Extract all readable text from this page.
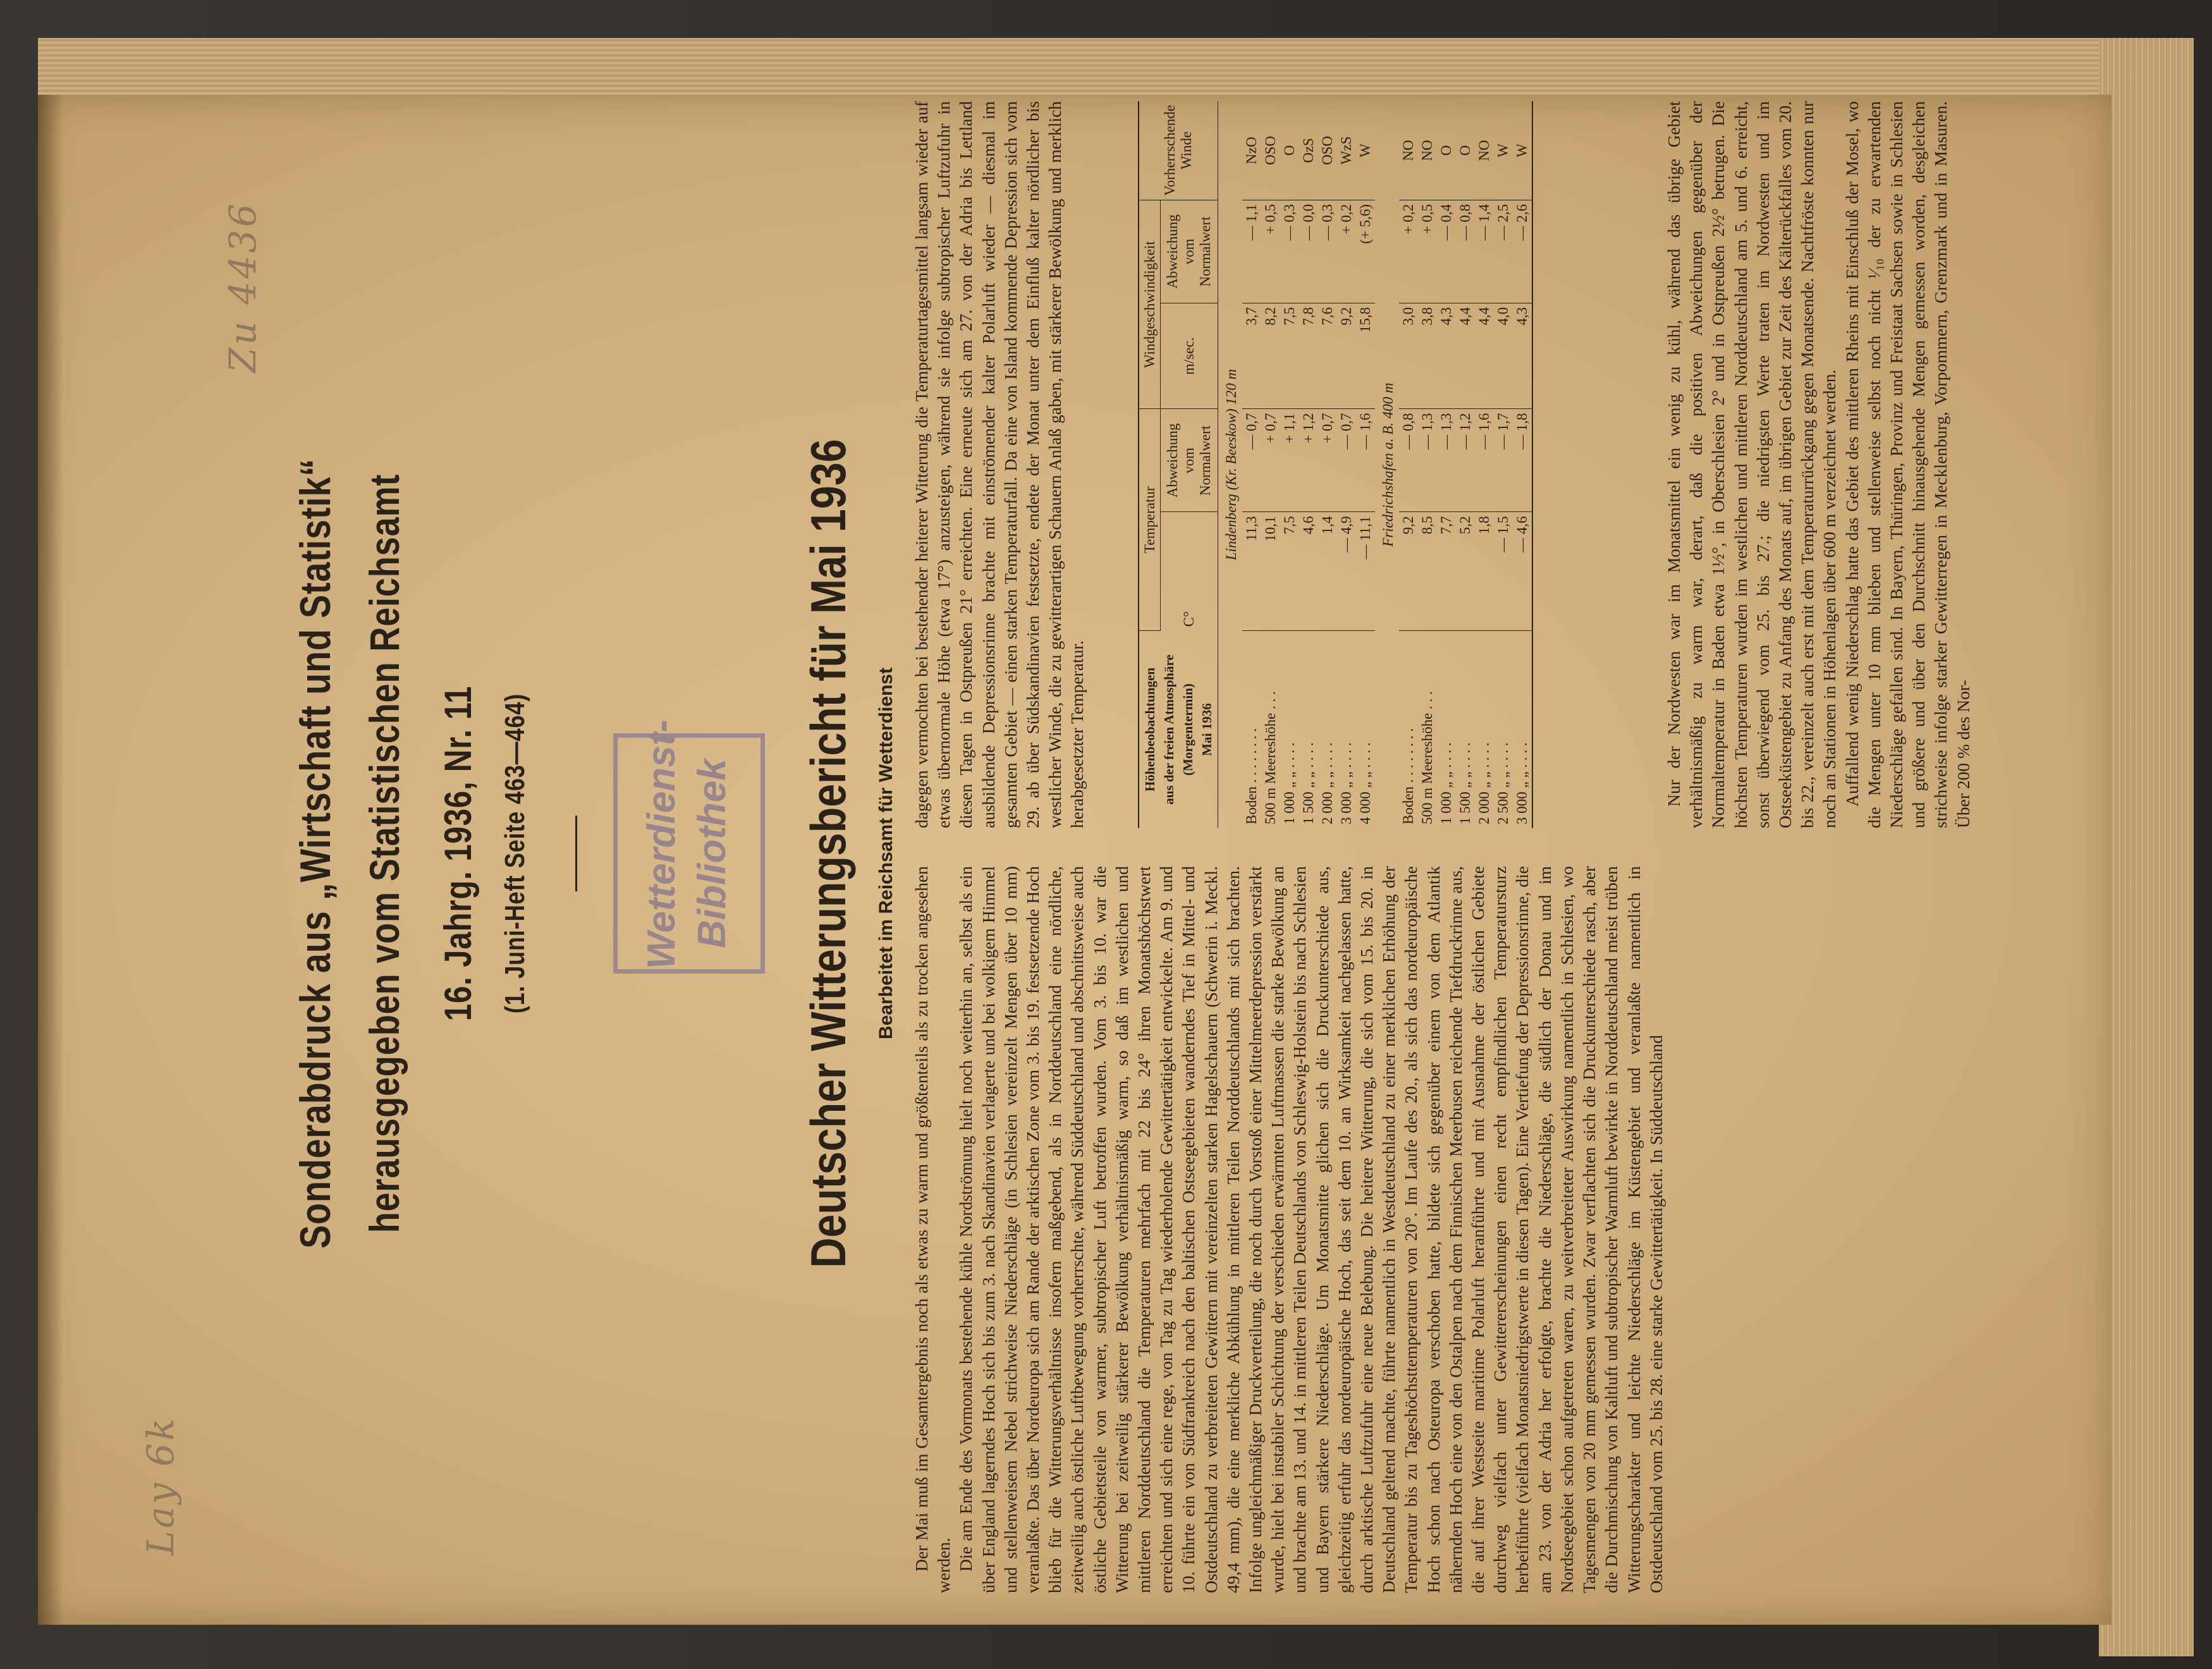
Zu 4436
Lay 6k
Sonderabdruck aus „Wirtschaft und Statistik“ herausgegeben vom Statistischen Reichsamt 16. Jahrg. 1936, Nr. 11 (1. Juni-Heft Seite 463—464)	Wetterdienst- Bibliothek Deutscher Witterungsbericht für Mai 1936 Bearbeitet im Reichsamt für Wetterdienst

Der Mai muß im Gesamtergebnis noch als etwas zu warm und größtenteils als zu trocken angesehen werden. Die am Ende des Vormonats bestehende kühle Nordströmung hielt noch weiterhin an, selbst als ein über England lagerndes Hoch sich bis zum 3. nach Skandinavien verlagerte und bei wolkigem Himmel und stellenweisem Nebel strichweise Niederschläge (in Schlesien vereinzelt Mengen über 10 mm) veranlaßte. Das über Nordeuropa sich am Rande der arktischen Zone vom 3. bis 19. festsetzende Hoch blieb für die Witterungsverhältnisse insofern maßgebend, als in Norddeutschland eine nördliche, zeitweilig auch östliche Luftbewegung vorherrschte, während Süddeutschland und abschnittsweise auch östliche Gebietsteile von warmer, subtropischer Luft betroffen wurden. Vom 3. bis 10. war die Witterung bei zeitweilig stärkerer Bewölkung verhältnismäßig warm, so daß im westlichen und mittleren Norddeutschland die Temperaturen mehrfach mit 22 bis 24° ihren Monatshöchstwert erreichten und sich eine rege, von Tag zu Tag wiederholende Gewittertätigkeit entwickelte. Am 9. und 10. führte ein von Südfrankreich nach den baltischen Ostseegebieten wanderndes Tief in Mittel- und Ostdeutschland zu verbreiteten Gewittern mit vereinzelten starken Hagelschauern (Schwerin i. Meckl. 49,4 mm), die eine merkliche Abkühlung in mittleren Teilen Norddeutschlands mit sich brachten. Infolge ungleichmäßiger Druckverteilung, die noch durch Vorstoß einer Mittelmeerdepression verstärkt wurde, hielt bei instabiler Schichtung der verschieden erwärmten Luftmassen die starke Bewölkung an und brachte am 13. und 14. in mittleren Teilen Deutschlands von Schleswig-Holstein bis nach Schlesien und Bayern stärkere Niederschläge. Um Monatsmitte glichen sich die Druckunterschiede aus, gleichzeitig erfuhr das nordeuropäische Hoch, das seit dem 10. an Wirksamkeit nachgelassen hatte, durch arktische Luftzufuhr eine neue Belebung. Die heitere Witterung, die sich vom 15. bis 20. in Deutschland geltend machte, führte namentlich in Westdeutschland zu einer merklichen Erhöhung der Temperatur bis zu Tageshöchsttemperaturen von 20°. Im Laufe des 20., als sich das nordeuropäische Hoch schon nach Osteuropa verschoben hatte, bildete sich gegenüber einem von dem Atlantik nähernden Hoch eine von den Ostalpen nach dem Finnischen Meerbusen reichende Tiefdruckrinne aus, die auf ihrer Westseite maritime Polarluft heranführte und mit Ausnahme der östlichen Gebiete durchweg vielfach unter Gewittererscheinungen einen recht empfindlichen Temperatursturz herbeiführte (vielfach Monatsniedrigstwerte in diesen Tagen). Eine Vertiefung der Depressionsrinne, die am 23. von der Adria her erfolgte, brachte die Niederschläge, die südlich der Donau und im Nordseegebiet schon aufgetreten waren, zu weitverbreiteter Auswirkung namentlich in Schlesien, wo Tagesmengen von 20 mm gemessen wurden. Zwar verflachten sich die Druckunterschiede rasch, aber die Durchmischung von Kaltluft und subtropischer Warmluft bewirkte in Norddeutschland meist trüben Witterungscharakter und leichte Niederschläge im Küstengebiet und veranlaßte namentlich in Ostdeutschland vom 25. bis 28. eine starke Gewittertätigkeit. In Süddeutschland

dagegen vermochten bei bestehender heiterer Witterung die Temperaturtagesmittel langsam wieder auf etwas übernormale Höhe (etwa 17°) anzusteigen, während sie infolge subtropischer Luftzufuhr in diesen Tagen in Ostpreußen 21° erreichten. Eine erneute sich am 27. von der Adria bis Lettland ausbildende Depressionsrinne brachte mit einströmender kalter Polarluft wieder — diesmal im gesamten Gebiet — einen starken Temperaturfall. Da eine von Island kommende Depression sich vom 29. ab über Südskandinavien festsetzte, endete der Monat unter dem Einfluß kalter nördlicher bis westlicher Winde, die zu gewitterartigen Schauern Anlaß gaben, mit stärkerer Bewölkung und merklich herabgesetzter Temperatur.	Höhenbeobachtungen aus der freien Atmosphäre (Morgentermin) Mai 1936	Temperatur		Windgeschwindigkeit		Vorherrschende Winde
	C°	Abweichung vom Normalwert	m/sec.	Abweichung vom Normalwert	
Lindenberg (Kr. Beeskow) 120 m					
Boden . . . . . . . .	11,3	— 0,7	3,7	— 1,1	NzO
500 m Meereshöhe . . .	10,1	+ 0,7	8,2	+ 0,5	OSO
1 000 „ „ . . . .	7,5	+ 1,1	7,5	— 0,3	O
1 500 „ „ . . . .	4,6	+ 1,2	7,8	— 0,0	OzS
2 000 „ „ . . . .	1,4	+ 0,7	7,6	— 0,3	OSO
3 000 „ „ . . . .	— 4,9	— 0,7	9,2	+ 0,2	WzS
4 000 „ „ . . . .	— 11,1	— 1,6	15,8	(+ 5,6)	W
Friedrichshafen a. B. 400 m					
Boden . . . . . . . .	9,2	— 0,8	3,0	+ 0,2	NO
500 m Meereshöhe . . .	8,5	— 1,3	3,8	+ 0,5	NO
1 000 „ „ . . . .	7,7	— 1,3	4,3	— 0,4	O
1 500 „ „ . . . .	5,2	— 1,2	4,4	— 0,8	O
2 000 „ „ . . . .	1,8	— 1,6	4,4	— 1,4	NO
2 500 „ „ . . . .	— 1,5	— 1,7	4,0	— 2,5	W
3 000 „ „ . . . .	— 4,6	— 1,8	4,3	— 2,6	W	Nur der Nordwesten war im Monatsmittel ein wenig zu kühl, während das übrige Gebiet verhältnismäßig zu warm war, derart, daß die positiven Abweichungen gegenüber der Normaltemperatur in Baden etwa 1½°, in Oberschlesien 2° und in Ostpreußen 2½° betrugen. Die höchsten Temperaturen wurden im westlichen und mittleren Norddeutschland am 5. und 6. erreicht, sonst überwiegend vom 25. bis 27.; die niedrigsten Werte traten im Nordwesten und im Ostseeküstengebiet zu Anfang des Monats auf, im übrigen Gebiet zur Zeit des Kälterückfalles vom 20. bis 22., vereinzelt auch erst mit dem Temperaturrückgang gegen Monatsende. Nachtfröste konnten nur noch an Stationen in Höhenlagen über 600 m verzeichnet werden. Auffallend wenig Niederschlag hatte das Gebiet des mittleren Rheins mit Einschluß der Mosel, wo die Mengen unter 10 mm blieben und stellenweise selbst noch nicht ¹⁄₁₀ der zu erwartenden Niederschläge gefallen sind. In Bayern, Thüringen, Provinz und Freistaat Sachsen sowie in Schlesien und größere und über den Durchschnitt hinausgehende Mengen gemessen worden, desgleichen strichweise infolge starker Gewitterregen in Mecklenburg, Vorpommern, Grenzmark und in Masuren. Über 200 % des Nor-
